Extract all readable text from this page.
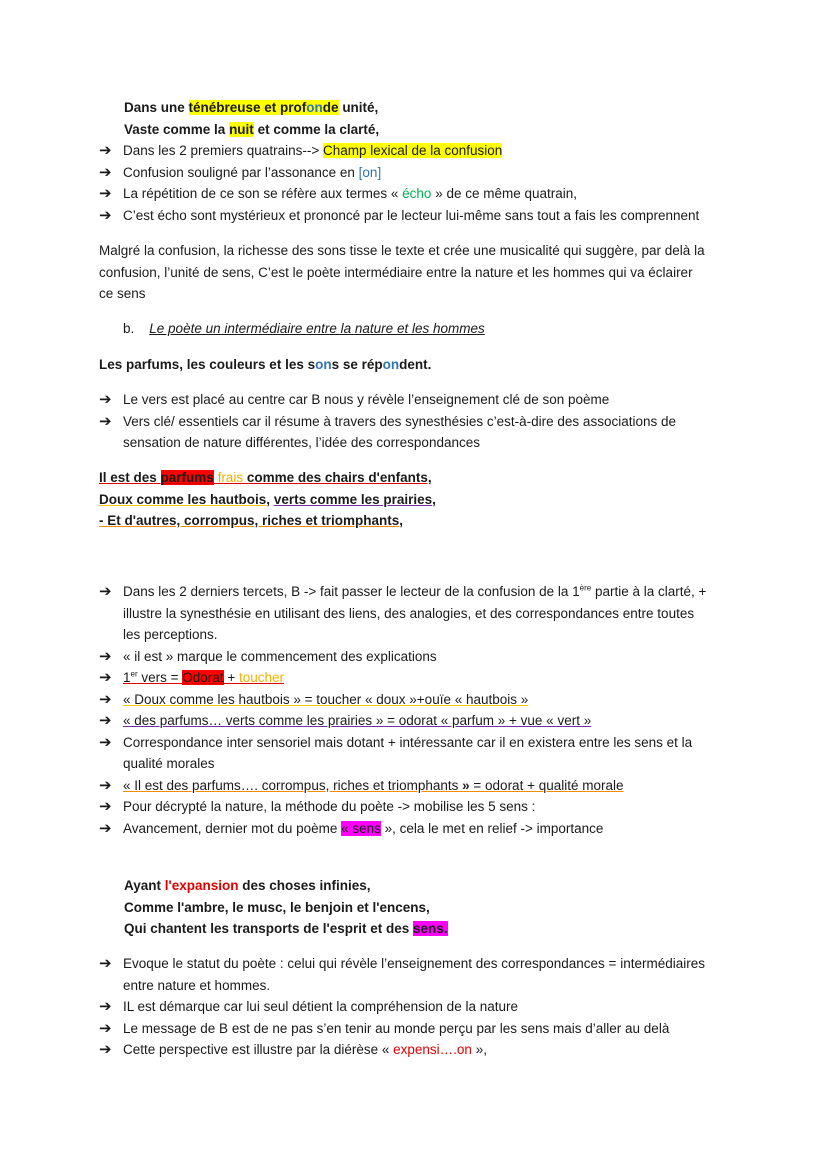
Dans une ténébreuse et profonde unité,
Vaste comme la nuit et comme la clarté,
➔ Dans les 2 premiers quatrains--> Champ lexical de la confusion
➔ Confusion souligné par l’assonance en [on]
➔ La répétition de ce son se réfère aux termes « écho » de ce même quatrain,
➔ C’est écho sont mystérieux et prononcé par le lecteur lui-même sans tout a fais les comprennent
Malgré la confusion, la richesse des sons tisse le texte et crée une musicalité qui suggère, par delà la
confusion, l’unité de sens, C’est le poète intermédiaire entre la nature et les hommes qui va éclairer
ce sens
b. Le poète un intermédiaire entre la nature et les hommes
Les parfums, les couleurs et les sons se répondent.
➔ Le vers est placé au centre car B nous y révèle l’enseignement clé de son poème
➔ Vers clé/ essentiels car il résume à travers des synesthésies c’est-à-dire des associations de
sensation de nature différentes, l’idée des correspondances
Il est des parfums frais comme des chairs d'enfants,
Doux comme les hautbois, verts comme les prairies,
- Et d'autres, corrompus, riches et triomphants,
➔ Dans les 2 derniers tercets, B -> fait passer le lecteur de la confusion de la 1ère partie à la clarté, +
illustre la synesthésie en utilisant des liens, des analogies, et des correspondances entre toutes
les perceptions.
➔ « il est » marque le commencement des explications
➔ 1er vers = Odorat + toucher
➔ « Doux comme les hautbois » = toucher « doux »+ouïe « hautbois »
➔ « des parfums… verts comme les prairies » = odorat « parfum » + vue « vert »
➔ Correspondance inter sensoriel mais dotant + intéressante car il en existera entre les sens et la
qualité morales
➔ « Il est des parfums…. corrompus, riches et triomphants » = odorat + qualité morale
➔ Pour décrypté la nature, la méthode du poète -> mobilise les 5 sens :
➔ Avancement, dernier mot du poème « sens », cela le met en relief -> importance
Ayant l'expansion des choses infinies,
Comme l'ambre, le musc, le benjoin et l'encens,
Qui chantent les transports de l'esprit et des sens.
➔ Evoque le statut du poète : celui qui révèle l’enseignement des correspondances = intermédiaires
entre nature et hommes.
➔ IL est démarque car lui seul détient la compréhension de la nature
➔ Le message de B est de ne pas s’en tenir au monde perçu par les sens mais d’aller au delà
➔ Cette perspective est illustre par la diérèse « expensi….on »,
